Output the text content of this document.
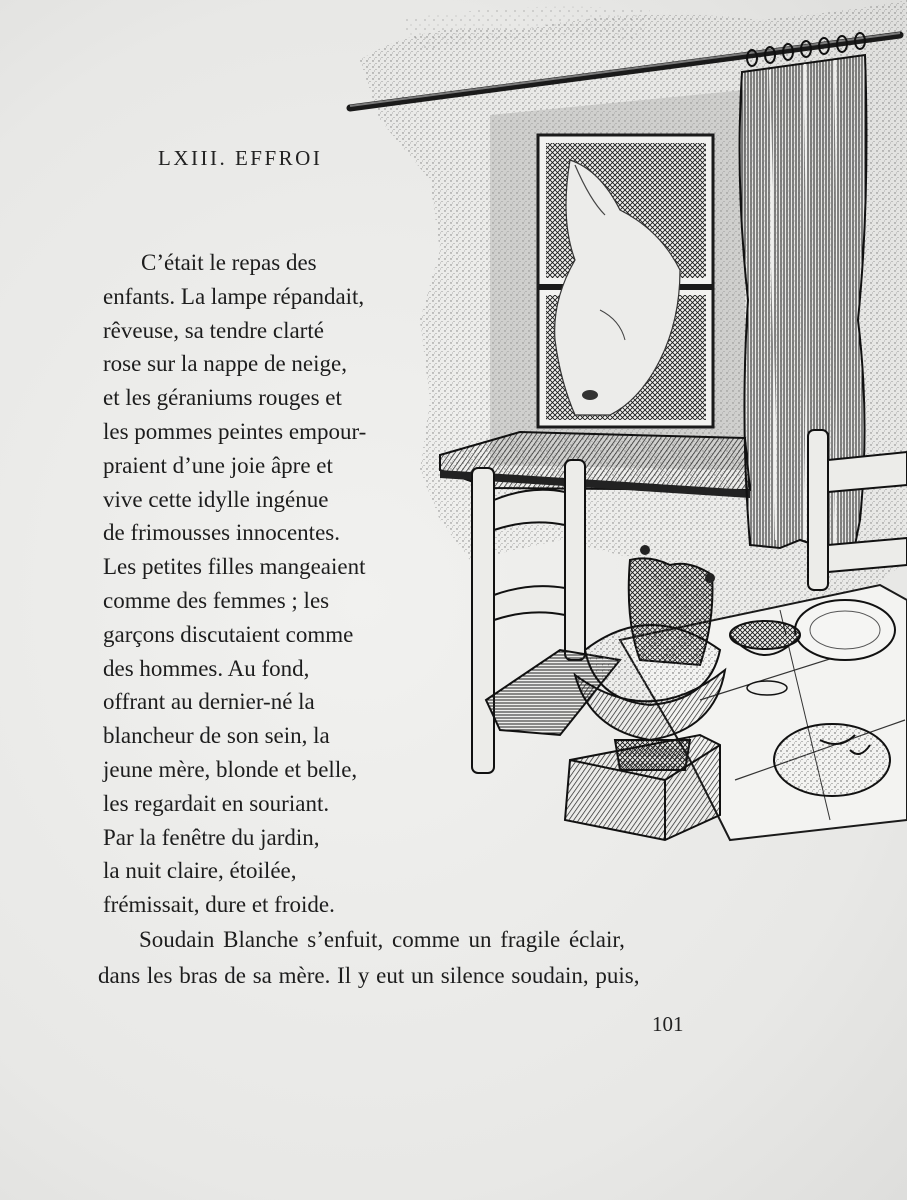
LXIII. EFFROI
C’était le repas des
enfants. La lampe répandait,
rêveuse, sa tendre clarté
rose sur la nappe de neige,
et les géraniums rouges et
les pommes peintes empour-
praient d’une joie âpre et
vive cette idylle ingénue
de frimousses innocentes.
Les petites filles mangeaient
comme des femmes ; les
garçons discutaient comme
des hommes. Au fond,
offrant au dernier-né la
blancheur de son sein, la
jeune mère, blonde et belle,
les regardait en souriant.
Par la fenêtre du jardin,
la nuit claire, étoilée,
frémissait, dure et froide.
Soudain Blanche s’enfuit, comme un fragile éclair,
dans les bras de sa mère. Il y eut un silence soudain, puis,
101
